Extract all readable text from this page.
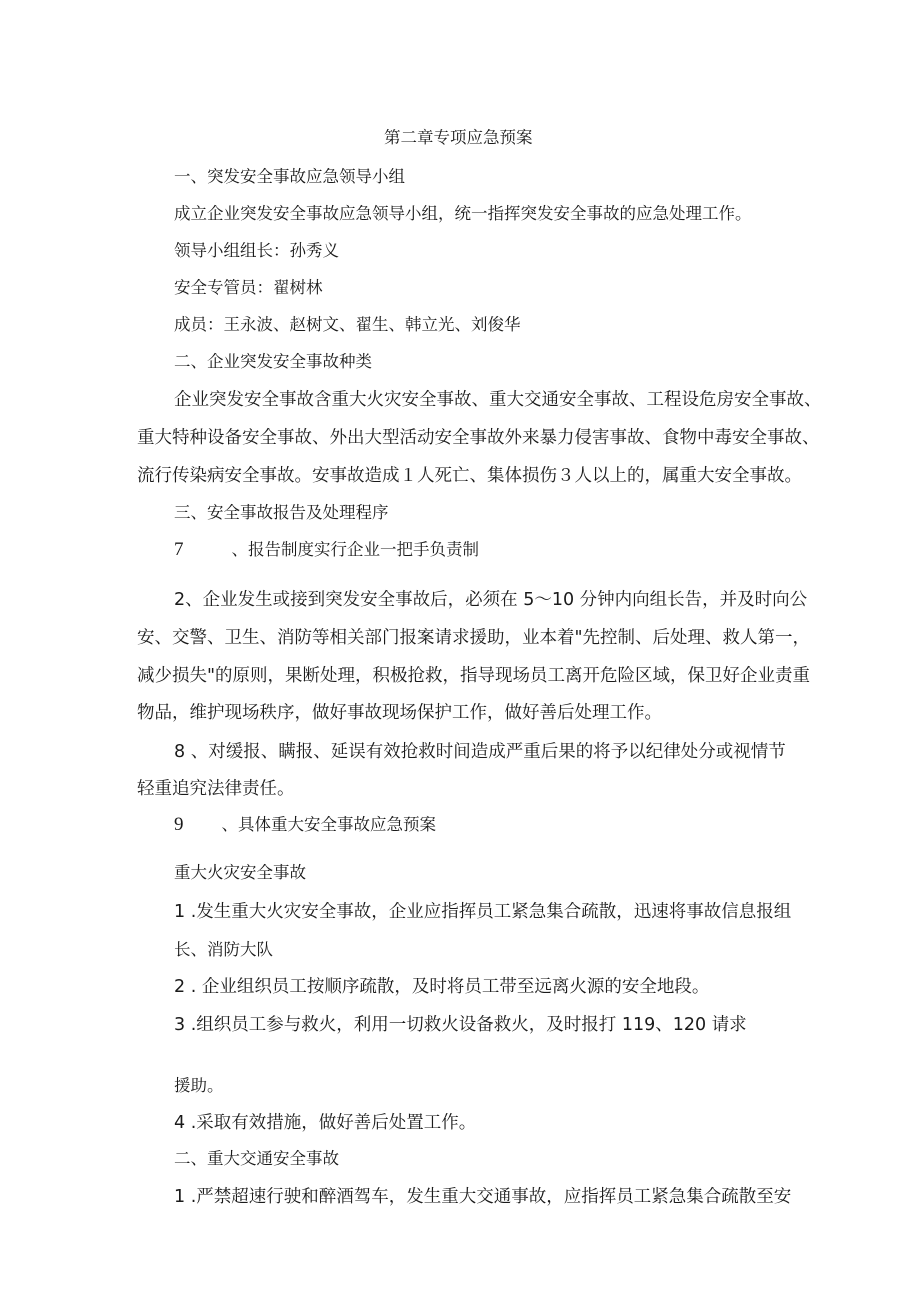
第二章专项应急预案
一、突发安全事故应急领导小组
成立企业突发安全事故应急领导小组，统一指挥突发安全事故的应急处理工作。
领导小组组长：孙秀义
安全专管员：翟树林
成员：王永波、赵树文、翟生、韩立光、刘俊华
二、企业突发安全事故种类
企业突发安全事故含重大火灾安全事故、重大交通安全事故、工程设危房安全事故、
重大特种设备安全事故、外出大型活动安全事故外来暴力侵害事故、食物中毒安全事故、
流行传染病安全事故。安事故造成１人死亡、集体损伤３人以上的，属重大安全事故。
三、安全事故报告及处理程序
7	、报告制度实行企业一把手负责制
2、企业发生或接到突发安全事故后，必须在 5～10 分钟内向组长告，并及时向公
安、交警、卫生、消防等相关部门报案请求援助，业本着"先控制、后处理、救人第一，
减少损失"的原则，果断处理，积极抢救，指导现场员工离开危险区域，保卫好企业责重
物品，维护现场秩序，做好事故现场保护工作，做好善后处理工作。
8 、对缓报、瞒报、延误有效抢救时间造成严重后果的将予以纪律处分或视情节
轻重追究法律责任。
9 、具体重大安全事故应急预案
重大火灾安全事故
1 .发生重大火灾安全事故，企业应指挥员工紧急集合疏散，迅速将事故信息报组
长、消防大队
2 . 企业组织员工按顺序疏散，及时将员工带至远离火源的安全地段。
3 .组织员工参与救火，利用一切救火设备救火，及时报打 119、120 请求
援助。
4 .采取有效措施，做好善后处置工作。
二、重大交通安全事故
1 .严禁超速行驶和醉酒驾车，发生重大交通事故，应指挥员工紧急集合疏散至安
